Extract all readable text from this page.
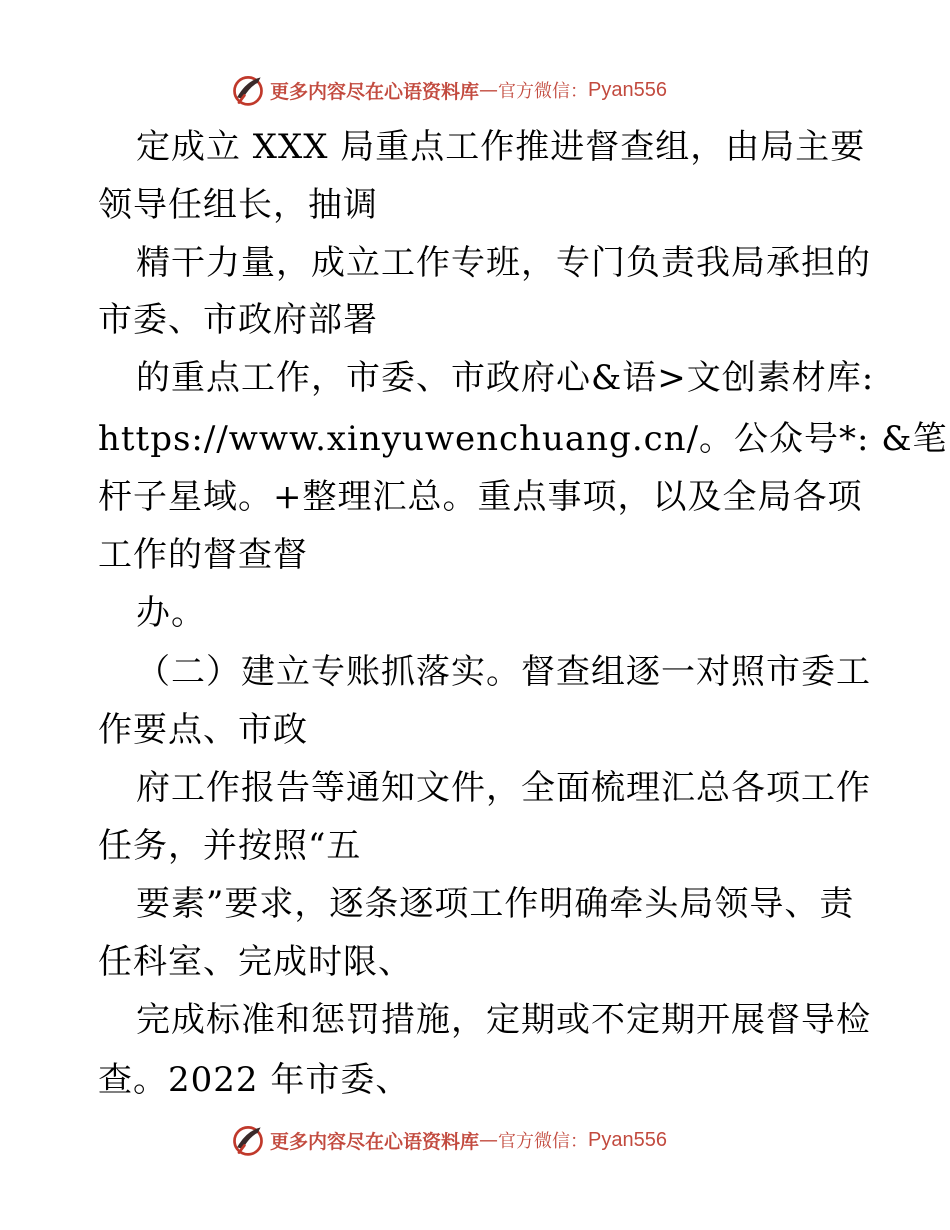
更多内容尽在心语资料库 — 官方微信： Pyan556
定成立 XXX 局重点工作推进督查组，由局主要
领导任组长，抽调
精干力量，成立工作专班，专门负责我局承担的
市委、市政府部署
的重点工作，市委、市政府心&语>文创素材库:
https://www.xinyuwenchuang.cn/。公众号*: &笔
杆子星域。+整理汇总。重点事项，以及全局各项
工作的督查督
办。
（二）建立专账抓落实。督查组逐一对照市委工
作要点、市政
府工作报告等通知文件，全面梳理汇总各项工作
任务，并按照“五
要素”要求，逐条逐项工作明确牵头局领导、责
任科室、完成时限、
完成标准和惩罚措施，定期或不定期开展督导检
查。2022 年市委、
更多内容尽在心语资料库 — 官方微信： Pyan556
